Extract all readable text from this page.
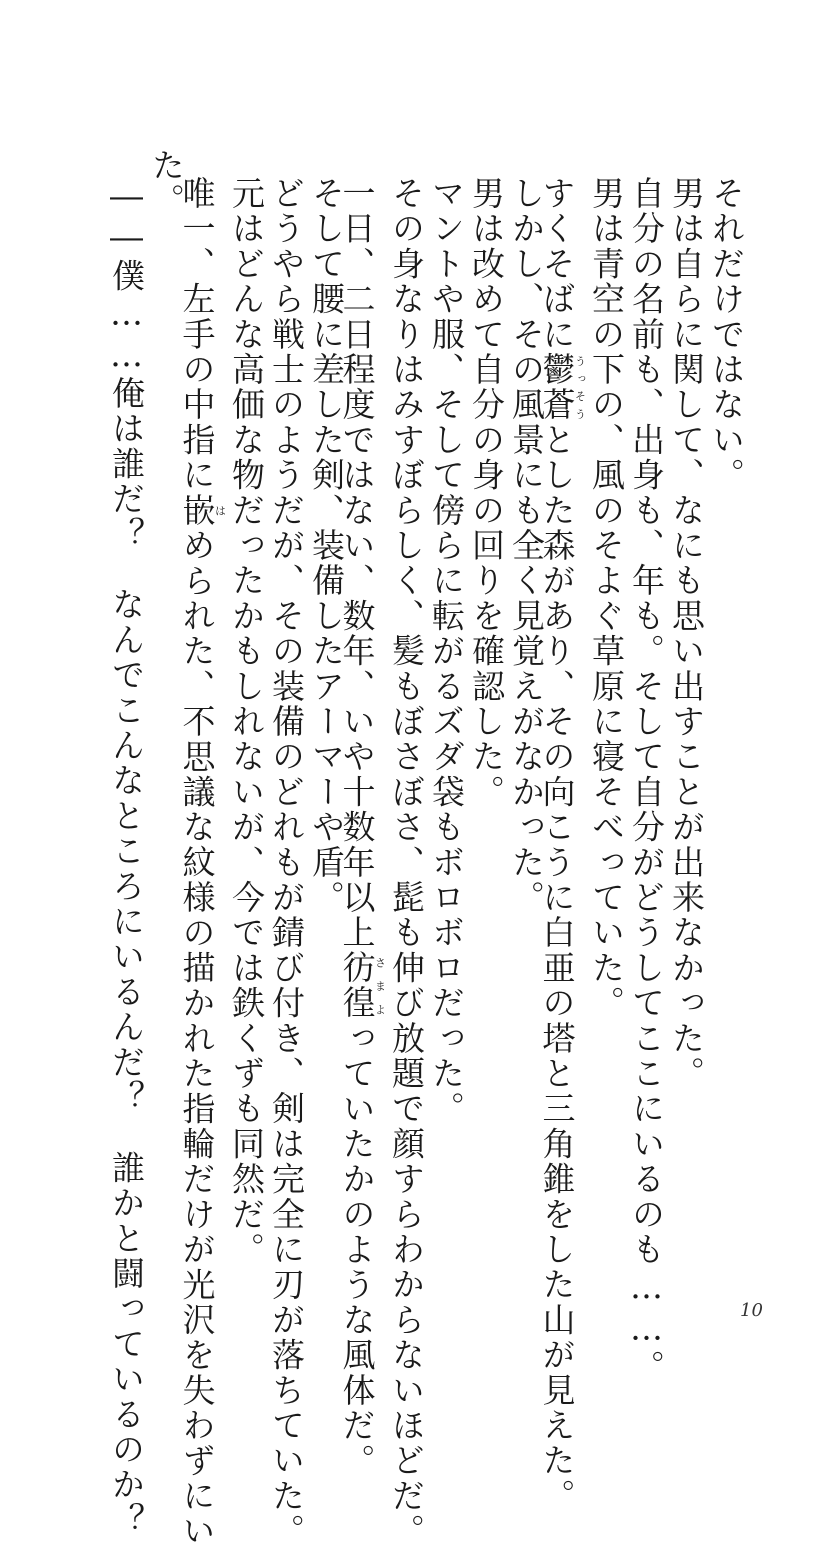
それだけではない。
男は自らに関して、なにも思い出すことが出来なかった。
自分の名前も、出身も、年も。そして自分がどうしてここにいるのも……。
男は青空の下の、風のそよぐ草原に寝そべっていた。
すくそばに鬱蒼うっそうとした森があり、その向こうに白亜の塔と三角錐をした山が見えた。
しかし、その風景にも全く見覚えがなかった。
男は改めて自分の身の回りを確認した。
マントや服、そして傍らに転がるズダ袋もボロボロだった。
その身なりはみすぼらしく、髪もぼさぼさ、髭も伸び放題で顔すらわからないほどだ。
一日、二日程度ではない、数年、いや十数年以上彷徨さまよっていたかのような風体だ。
そして腰に差した剣、装備したアーマーや盾。
どうやら戦士のようだが、その装備のどれもが錆び付き、剣は完全に刃が落ちていた。
元はどんな高価な物だったかもしれないが、今では鉄くずも同然だ。
唯一、左手の中指に嵌はめられた、不思議な紋様の描かれた指輪だけが光沢を失わずにい
た。
――僕……俺は誰だ？　なんでこんなところにいるんだ？　誰かと闘っているのか？	10
